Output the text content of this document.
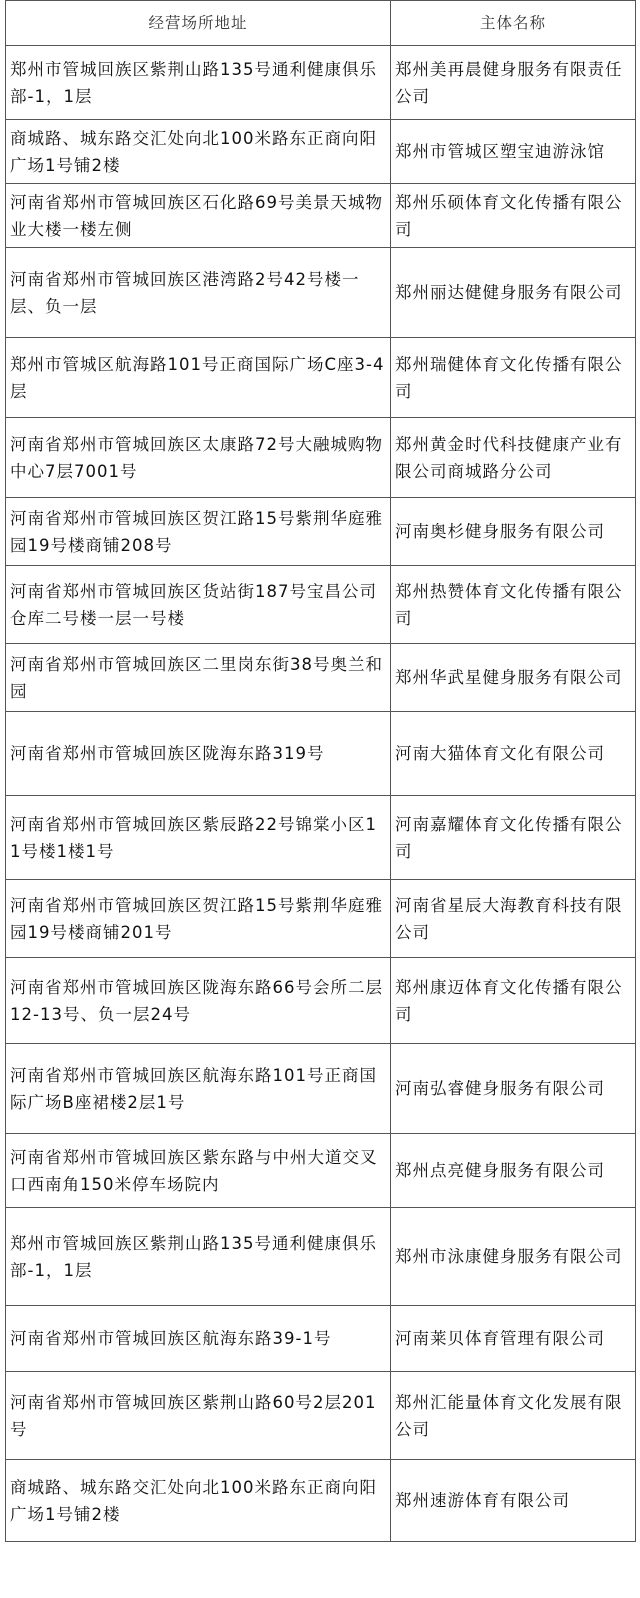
经营场所地址	主体名称
郑州市管城回族区紫荆山路135号通利健康俱乐部-1，1层	郑州美再晨健身服务有限责任公司
商城路、城东路交汇处向北100米路东正商向阳广场1号铺2楼	郑州市管城区塑宝迪游泳馆
河南省郑州市管城回族区石化路69号美景天城物业大楼一楼左侧	郑州乐硕体育文化传播有限公司
河南省郑州市管城回族区港湾路2号42号楼一层、负一层	郑州丽达健健身服务有限公司
郑州市管城区航海路101号正商国际广场C座3-4层	郑州瑞健体育文化传播有限公司
河南省郑州市管城回族区太康路72号大融城购物中心7层7001号	郑州黄金时代科技健康产业有限公司商城路分公司
河南省郑州市管城回族区贺江路15号紫荆华庭雅园19号楼商铺208号	河南奥杉健身服务有限公司
河南省郑州市管城回族区货站街187号宝昌公司仓库二号楼一层一号楼	郑州热赞体育文化传播有限公司
河南省郑州市管城回族区二里岗东街38号奥兰和园	郑州华武星健身服务有限公司
河南省郑州市管城回族区陇海东路319号	河南大猫体育文化有限公司
河南省郑州市管城回族区紫辰路22号锦棠小区11号楼1楼1号	河南嘉耀体育文化传播有限公司
河南省郑州市管城回族区贺江路15号紫荆华庭雅园19号楼商铺201号	河南省星辰大海教育科技有限公司
河南省郑州市管城回族区陇海东路66号会所二层12-13号、负一层24号	郑州康迈体育文化传播有限公司
河南省郑州市管城回族区航海东路101号正商国际广场B座裙楼2层1号	河南弘睿健身服务有限公司
河南省郑州市管城回族区紫东路与中州大道交叉口西南角150米停车场院内	郑州点亮健身服务有限公司
郑州市管城回族区紫荆山路135号通利健康俱乐部-1，1层	郑州市泳康健身服务有限公司
河南省郑州市管城回族区航海东路39-1号	河南莱贝体育管理有限公司
河南省郑州市管城回族区紫荆山路60号2层201号	郑州汇能量体育文化发展有限公司
商城路、城东路交汇处向北100米路东正商向阳广场1号铺2楼	郑州速游体育有限公司
